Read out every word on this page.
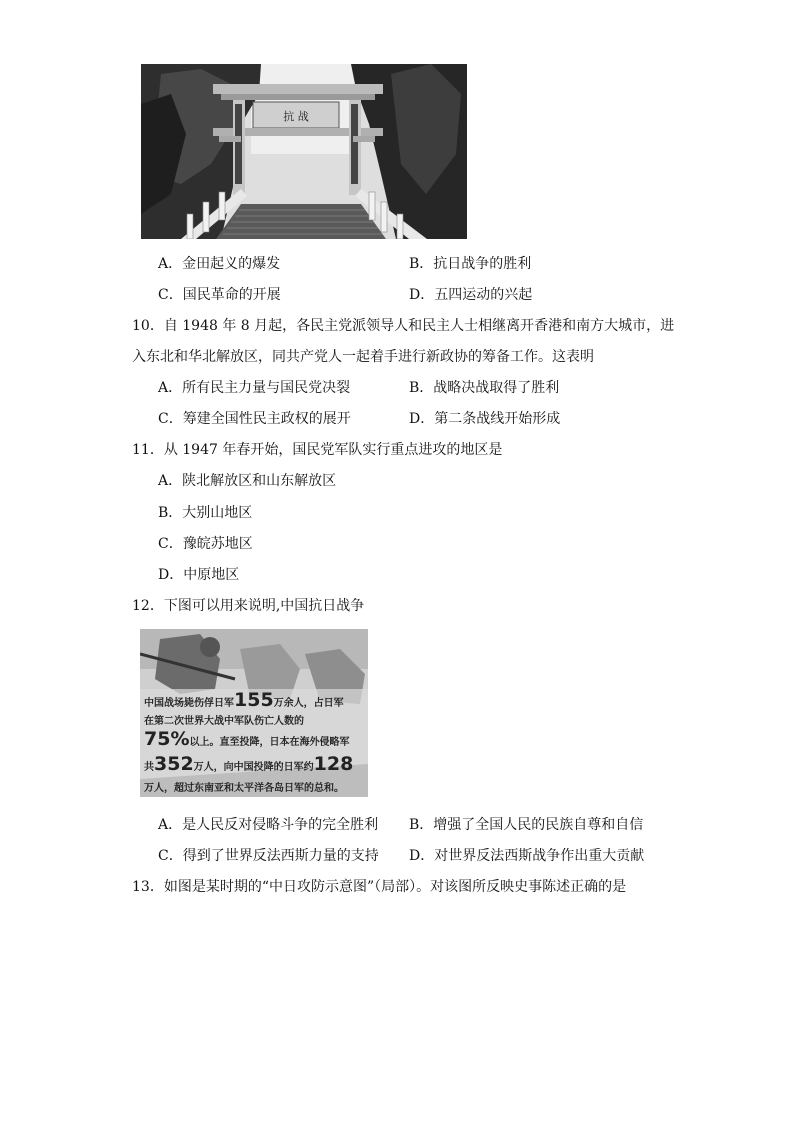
抗 战
A．金田起义的爆发	B．抗日战争的胜利
C．国民革命的开展	D．五四运动的兴起
10．自 1948 年 8 月起，各民主党派领导人和民主人士相继离开香港和南方大城市，进
入东北和华北解放区，同共产党人一起着手进行新政协的筹备工作。这表明
A．所有民主力量与国民党决裂	B．战略决战取得了胜利
C．筹建全国性民主政权的展开	D．第二条战线开始形成
11．从 1947 年春开始，国民党军队实行重点进攻的地区是
A．陕北解放区和山东解放区
B．大别山地区
C．豫皖苏地区
D．中原地区
12．下图可以用来说明,中国抗日战争
中国战场毙伤俘日军155万余人，占日军
在第二次世界大战中军队伤亡人数的
75%以上。直至投降，日本在海外侵略军
共352万人，向中国投降的日军约128
万人，超过东南亚和太平洋各岛日军的总和。
A．是人民反对侵略斗争的完全胜利 B．增强了全国人民的民族自尊和自信
C．得到了世界反法西斯力量的支持 D．对世界反法西斯战争作出重大贡献
13．如图是某时期的“中日攻防示意图”（局部）。对该图所反映史事陈述正确的是
